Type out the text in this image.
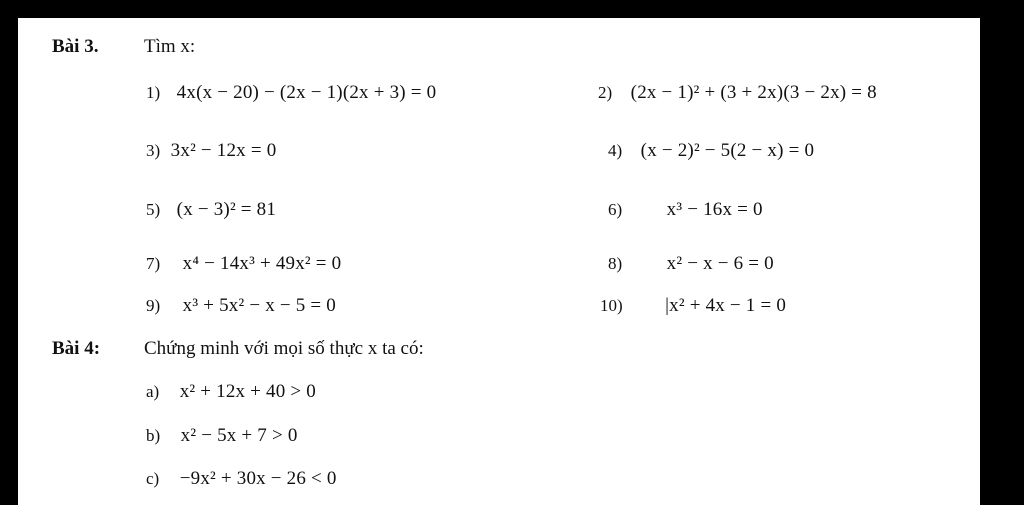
Bài 3. Tìm x:
1) 4x(x − 20) − (2x − 1)(2x + 3) = 0	2) (2x − 1)² + (3 + 2x)(3 − 2x) = 8
3) 3x² − 12x = 0	4) (x − 2)² − 5(2 − x) = 0
5) (x − 3)² = 81	6) x³ − 16x = 0
7) x⁴ − 14x³ + 49x² = 0	8) x² − x − 6 = 0
9) x³ + 5x² − x − 5 = 0	10) |x² + 4x − 1 = 0
Bài 4: Chứng minh với mọi số thực x ta có:
a) x² + 12x + 40 > 0
b) x² − 5x + 7 > 0
c) −9x² + 30x − 26 < 0
